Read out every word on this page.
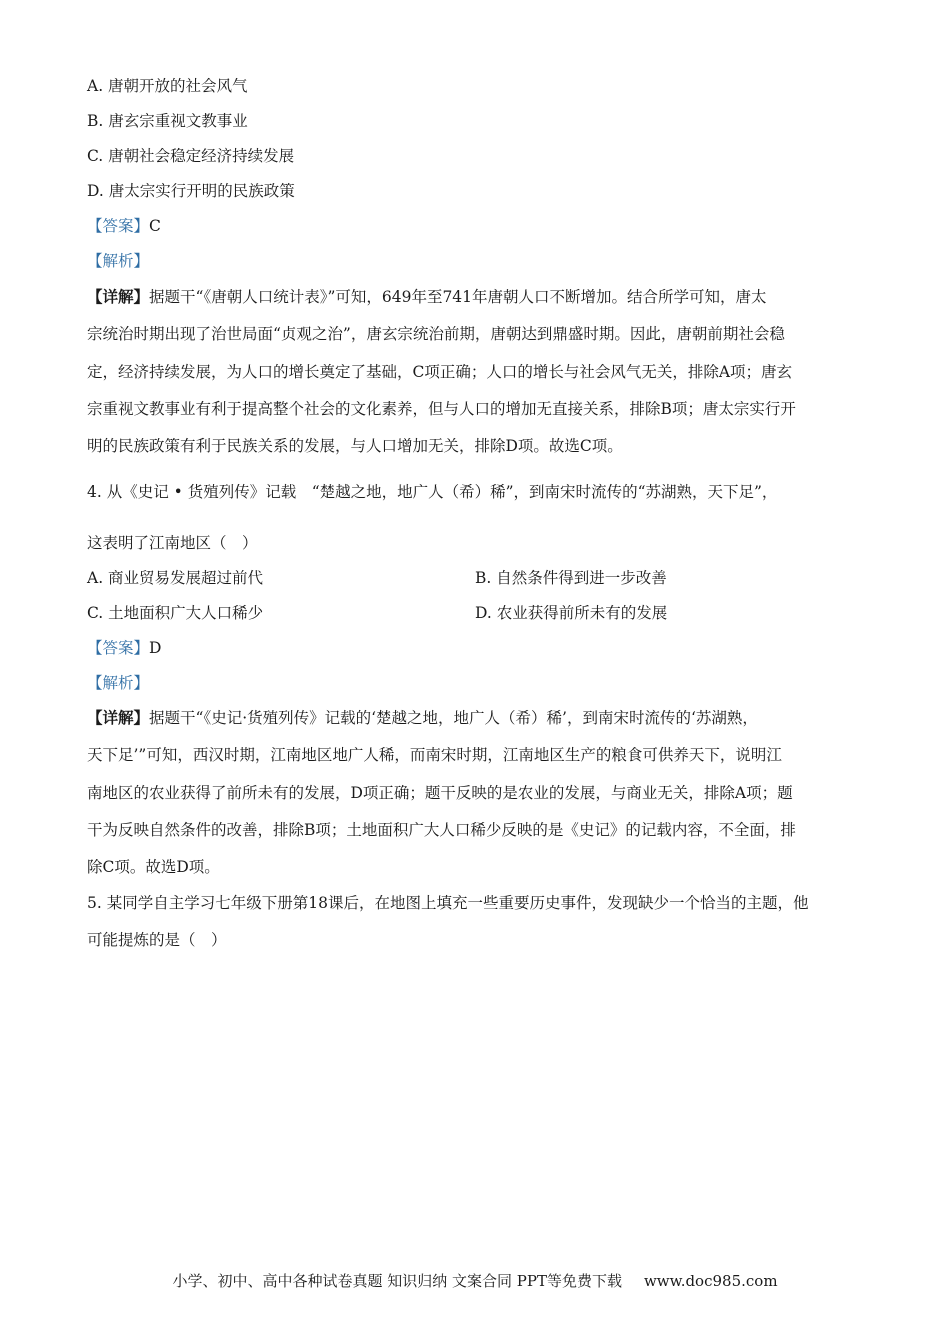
A. 唐朝开放的社会风气
B. 唐玄宗重视文教事业
C. 唐朝社会稳定经济持续发展
D. 唐太宗实行开明的民族政策
【答案】C
【解析】
【详解】据题干“《唐朝人口统计表》”可知，649年至741年唐朝人口不断增加。结合所学可知，唐太
宗统治时期出现了治世局面“贞观之治”，唐玄宗统治前期，唐朝达到鼎盛时期。因此，唐朝前期社会稳
定，经济持续发展，为人口的增长奠定了基础，C项正确；人口的增长与社会风气无关，排除A项；唐玄
宗重视文教事业有利于提高整个社会的文化素养，但与人口的增加无直接关系，排除B项；唐太宗实行开
明的民族政策有利于民族关系的发展，与人口增加无关，排除D项。故选C项。
4. 从《史记 • 货殖列传》记载　“楚越之地，地广人（希）稀”，到南宋时流传的“苏湖熟，天下足”，
这表明了江南地区（　）
A. 商业贸易发展超过前代	B. 自然条件得到进一步改善
C. 土地面积广大人口稀少	D. 农业获得前所未有的发展
【答案】D
【解析】
【详解】据题干“《史记·货殖列传》记载的‘楚越之地，地广人（希）稀’，到南宋时流传的‘苏湖熟，
天下足’”可知，西汉时期，江南地区地广人稀，而南宋时期，江南地区生产的粮食可供养天下，说明江
南地区的农业获得了前所未有的发展，D项正确；题干反映的是农业的发展，与商业无关，排除A项；题
干为反映自然条件的改善，排除B项；土地面积广大人口稀少反映的是《史记》的记载内容，不全面，排
除C项。故选D项。
5. 某同学自主学习七年级下册第18课后，在地图上填充一些重要历史事件，发现缺少一个恰当的主题，他
可能提炼的是（　）
小学、初中、高中各种试卷真题 知识归纳 文案合同 PPT等免费下载 www.doc985.com
